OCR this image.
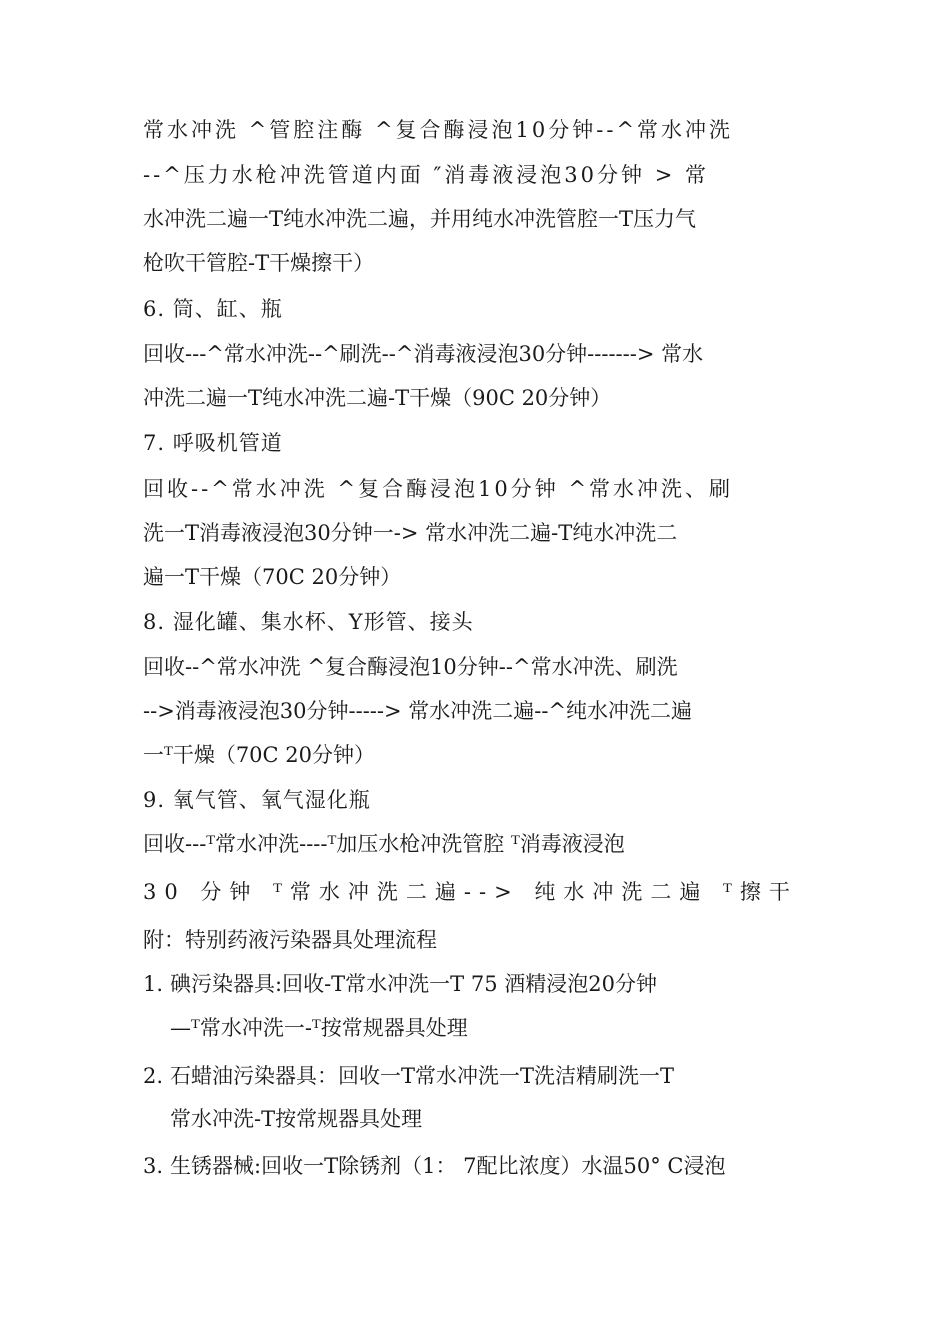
常水冲洗 ^管腔注酶 ^复合酶浸泡10分钟--^常水冲洗
--^压力水枪冲洗管道内面 ″消毒液浸泡30分钟 > 常
水冲洗二遍一T纯水冲洗二遍，并用纯水冲洗管腔一T压力气
枪吹干管腔-T干燥擦干）
6. 筒、缸、瓶
回收---^常水冲洗--^刷洗--^消毒液浸泡30分钟-------> 常水
冲洗二遍一T纯水冲洗二遍-T干燥（90C 20分钟）
7. 呼吸机管道
回收--^常水冲洗 ^复合酶浸泡10分钟 ^常水冲洗、刷
洗一T消毒液浸泡30分钟一-> 常水冲洗二遍-T纯水冲洗二
遍一T干燥（70C 20分钟）
8. 湿化罐、集水杯、Y形管、接头
回收--^常水冲洗 ^复合酶浸泡10分钟--^常水冲洗、刷洗
-->消毒液浸泡30分钟-----> 常水冲洗二遍--^纯水冲洗二遍
一ᵀ干燥（70C 20分钟）
9. 氧气管、氧气湿化瓶
回收---ᵀ常水冲洗----ᵀ加压水枪冲洗管腔 ᵀ消毒液浸泡
30 分钟 ᵀ常水冲洗二遍--> 纯水冲洗二遍 ᵀ擦干
附：特别药液污染器具处理流程
1. 碘污染器具:回收-T常水冲洗一T 75 酒精浸泡20分钟
—ᵀ常水冲洗一-ᵀ按常规器具处理
2. 石蜡油污染器具：回收一T常水冲洗一T洗洁精刷洗一T
常水冲洗-T按常规器具处理
3. 生锈器械:回收一T除锈剂（1： 7配比浓度）水温50° C浸泡
